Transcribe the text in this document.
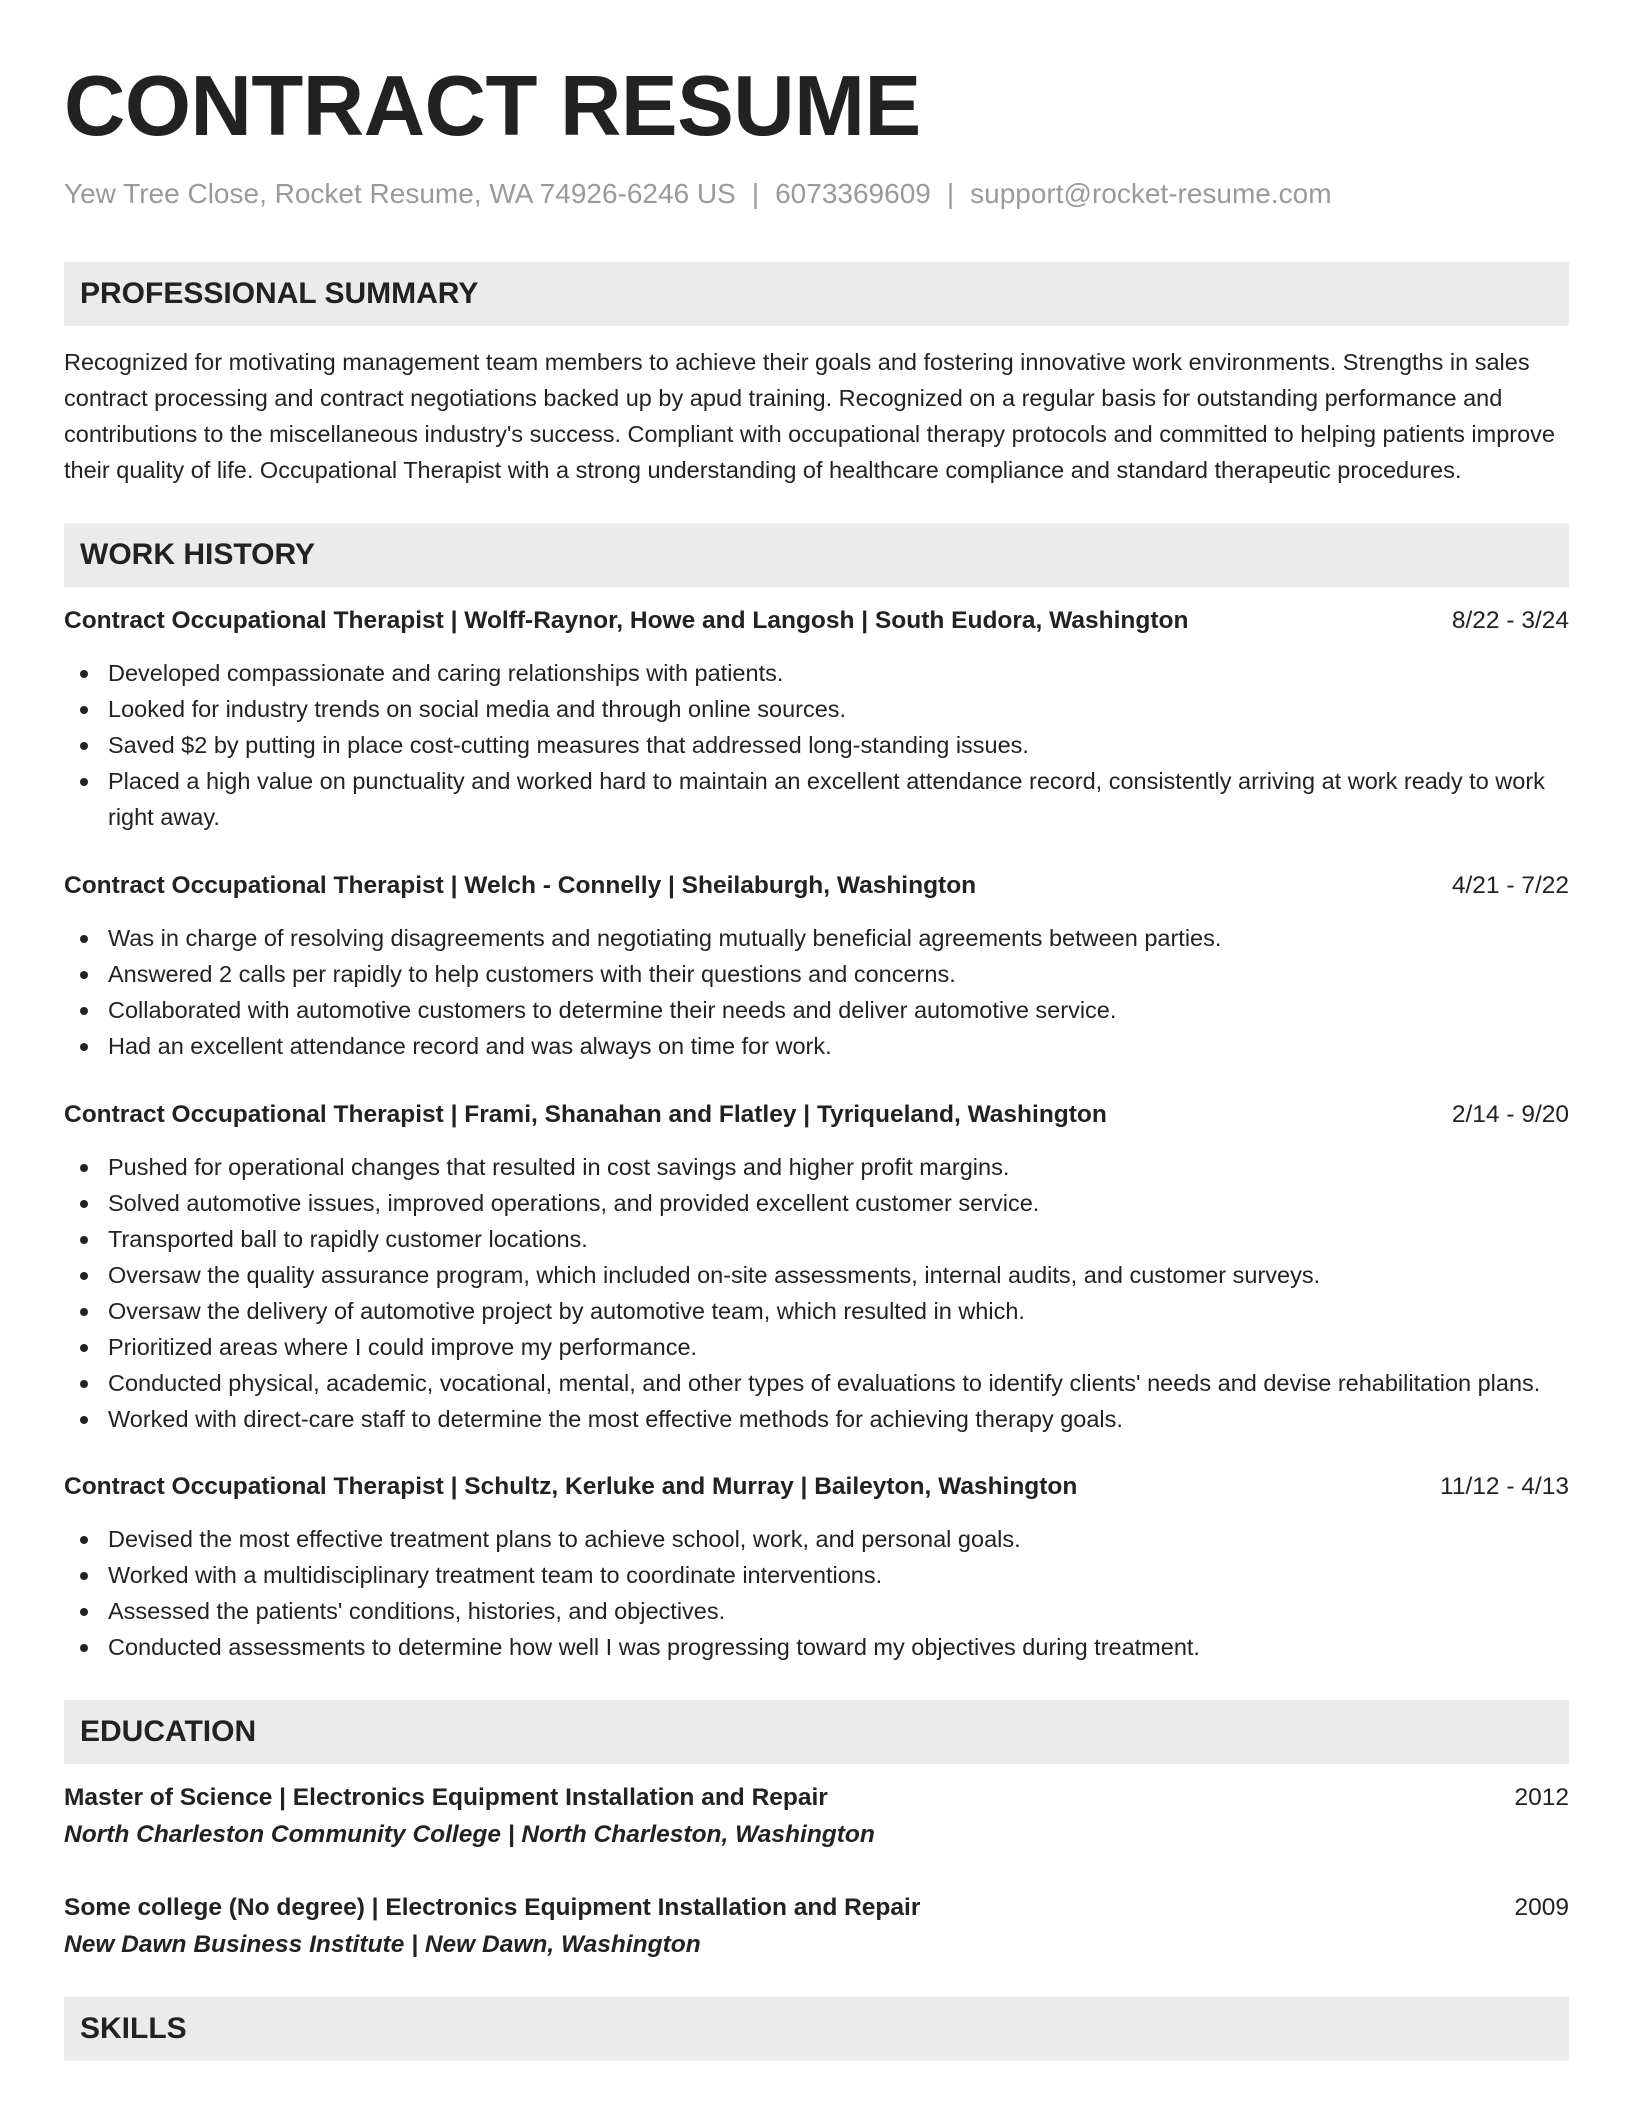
CONTRACT RESUME
Yew Tree Close, Rocket Resume, WA 74926-6246 US | 6073369609 | support@rocket-resume.com
PROFESSIONAL SUMMARY

Recognized for motivating management team members to achieve their goals and fostering innovative work environments. Strengths in sales contract processing and contract negotiations backed up by apud training. Recognized on a regular basis for outstanding performance and contributions to the miscellaneous industry's success. Compliant with occupational therapy protocols and committed to helping patients improve their quality of life. Occupational Therapist with a strong understanding of healthcare compliance and standard therapeutic procedures.

WORK HISTORY
Contract Occupational Therapist | Wolff-Raynor, Howe and Langosh | South Eudora, Washington	8/22 - 3/24
Developed compassionate and caring relationships with patients.
Looked for industry trends on social media and through online sources.
Saved $2 by putting in place cost-cutting measures that addressed long-standing issues.
Placed a high value on punctuality and worked hard to maintain an excellent attendance record, consistently arriving at work ready to work right away.
Contract Occupational Therapist | Welch - Connelly | Sheilaburgh, Washington	4/21 - 7/22
Was in charge of resolving disagreements and negotiating mutually beneficial agreements between parties.
Answered 2 calls per rapidly to help customers with their questions and concerns.
Collaborated with automotive customers to determine their needs and deliver automotive service.
Had an excellent attendance record and was always on time for work.
Contract Occupational Therapist | Frami, Shanahan and Flatley | Tyriqueland, Washington	2/14 - 9/20
Pushed for operational changes that resulted in cost savings and higher profit margins.
Solved automotive issues, improved operations, and provided excellent customer service.
Transported ball to rapidly customer locations.
Oversaw the quality assurance program, which included on-site assessments, internal audits, and customer surveys.
Oversaw the delivery of automotive project by automotive team, which resulted in which.
Prioritized areas where I could improve my performance.
Conducted physical, academic, vocational, mental, and other types of evaluations to identify clients' needs and devise rehabilitation plans.
Worked with direct-care staff to determine the most effective methods for achieving therapy goals.
Contract Occupational Therapist | Schultz, Kerluke and Murray | Baileyton, Washington	11/12 - 4/13
Devised the most effective treatment plans to achieve school, work, and personal goals.
Worked with a multidisciplinary treatment team to coordinate interventions.
Assessed the patients' conditions, histories, and objectives.
Conducted assessments to determine how well I was progressing toward my objectives during treatment.
EDUCATION
Master of Science | Electronics Equipment Installation and Repair	2012
North Charleston Community College | North Charleston, Washington
Some college (No degree) | Electronics Equipment Installation and Repair	2009
New Dawn Business Institute | New Dawn, Washington
SKILLS
